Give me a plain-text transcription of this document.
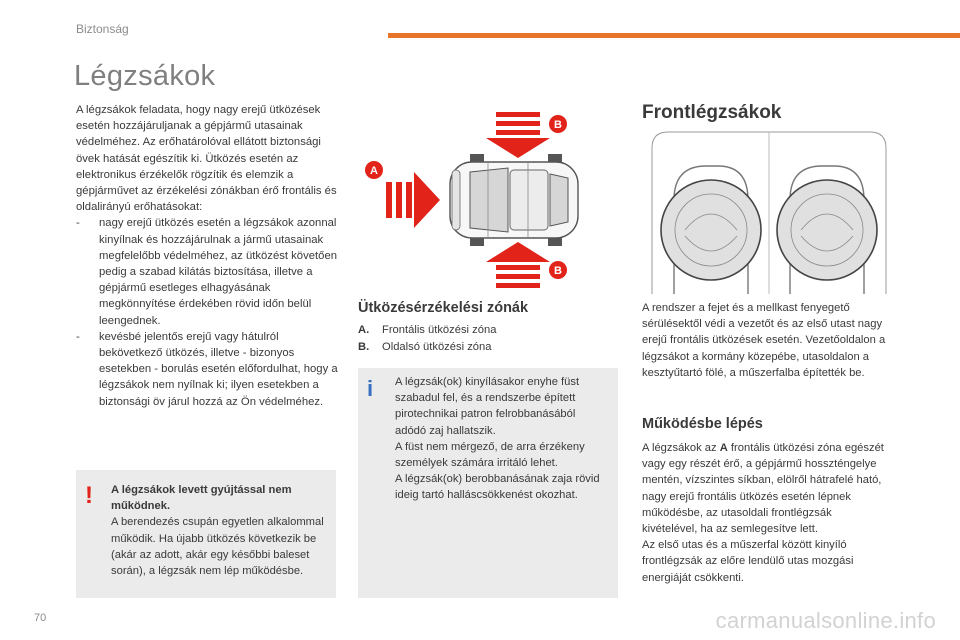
Biztonság
Légzsákok

A légzsákok feladata, hogy nagy erejű ütközések esetén hozzájáruljanak a gépjármű utasainak védelméhez. Az erőhatárolóval ellátott biztonsági övek hatását egészítik ki. Ütközés esetén az elektronikus érzékelők rögzítik és elemzik a gépjárművet az érzékelési zónákban érő frontális és oldalirányú erőhatásokat:

- nagy erejű ütközés esetén a légzsákok azonnal kinyílnak és hozzájárulnak a jármű utasainak megfelelőbb védelméhez, az ütközést követően pedig a szabad kilátás biztosítása, illetve a gépjármű esetleges elhagyásának megkönnyítése érdekében rövid időn belül leengednek.
- kevésbé jelentős erejű vagy hátulról bekövetkező ütközés, illetve - bizonyos esetekben - borulás esetén előfordulhat, hogy a légzsákok nem nyílnak ki; ilyen esetekben a biztonsági öv járul hozzá az Ön védelméhez.
! A légzsákok levett gyújtással nem működnek.
A berendezés csupán egyetlen alkalommal működik. Ha újabb ütközés következik be (akár az adott, akár egy későbbi baleset során), a légzsák nem lép működésbe.
A
B
B
Ütközésérzékelési zónák
A. Frontális ütközési zóna
B. Oldalsó ütközési zóna
i A légzsák(ok) kinyílásakor enyhe füst szabadul fel, és a rendszerbe épített pirotechnikai patron felrobbanásából adódó zaj hallatszik.
A füst nem mérgező, de arra érzékeny személyek számára irritáló lehet.
A légzsák(ok) berobbanásának zaja rövid ideig tartó halláscsökkenést okozhat.
Frontlégzsákok
A rendszer a fejet és a mellkast fenyegető sérülésektől védi a vezetőt és az első utast nagy erejű frontális ütközések esetén. Vezetőoldalon a légzsákot a kormány közepébe, utasoldalon a kesztyűtartó fölé, a műszerfalba építették be.
Működésbe lépés

A légzsákok az A frontális ütközési zóna egészét vagy egy részét érő, a gépjármű hosszténgelye mentén, vízszintes síkban, elölről hátrafelé ható, nagy erejű frontális ütközés esetén lépnek működésbe, az utasoldali frontlégzsák kivételével, ha az semlegesítve lett.

Az első utas és a műszerfal között kinyíló frontlégzsák az előre lendülő utas mozgási energiáját csökkenti.

70	carmanualsonline.info
